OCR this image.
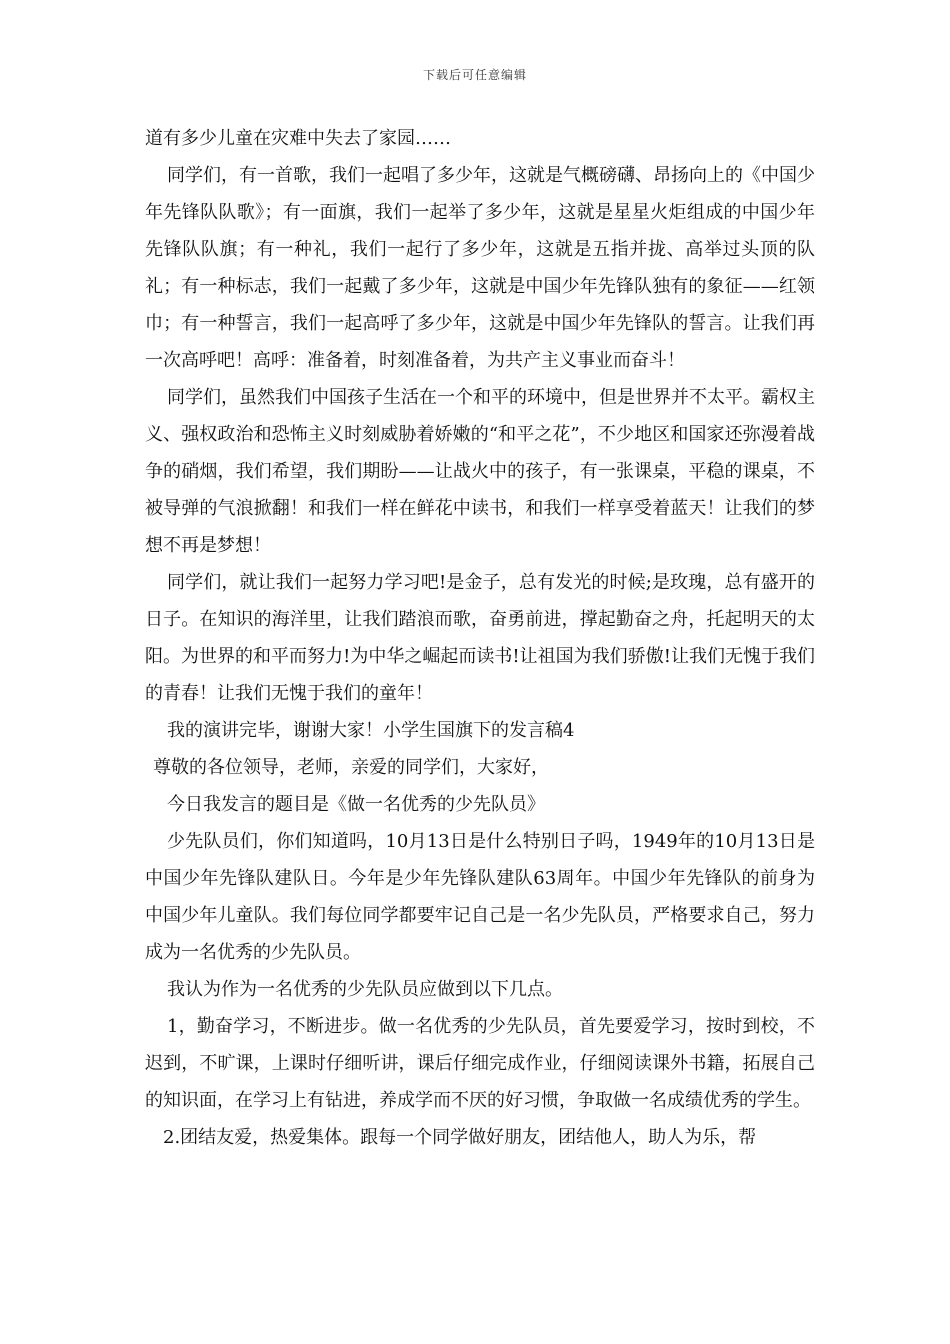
下载后可任意编辑

道有多少儿童在灾难中失去了家园……

同学们，有一首歌，我们一起唱了多少年，这就是气概磅礴、昂扬向上的《中国少年先锋队队歌》；有一面旗，我们一起举了多少年，这就是星星火炬组成的中国少年先锋队队旗；有一种礼，我们一起行了多少年，这就是五指并拢、高举过头顶的队礼；有一种标志，我们一起戴了多少年，这就是中国少年先锋队独有的象征——红领巾；有一种誓言，我们一起高呼了多少年，这就是中国少年先锋队的誓言。让我们再一次高呼吧！高呼：准备着，时刻准备着，为共产主义事业而奋斗！

同学们，虽然我们中国孩子生活在一个和平的环境中，但是世界并不太平。霸权主义、强权政治和恐怖主义时刻威胁着娇嫩的“和平之花”，不少地区和国家还弥漫着战争的硝烟，我们希望，我们期盼——让战火中的孩子，有一张课桌，平稳的课桌，不被导弹的气浪掀翻！和我们一样在鲜花中读书，和我们一样享受着蓝天！让我们的梦想不再是梦想！

同学们，就让我们一起努力学习吧!是金子，总有发光的时候;是玫瑰，总有盛开的日子。在知识的海洋里，让我们踏浪而歌，奋勇前进，撑起勤奋之舟，托起明天的太阳。为世界的和平而努力!为中华之崛起而读书!让祖国为我们骄傲!让我们无愧于我们的青春！让我们无愧于我们的童年！

我的演讲完毕，谢谢大家！小学生国旗下的发言稿4

尊敬的各位领导，老师，亲爱的同学们，大家好，

今日我发言的题目是《做一名优秀的少先队员》

少先队员们，你们知道吗，10月13日是什么特别日子吗，1949年的10月13日是中国少年先锋队建队日。今年是少年先锋队建队63周年。中国少年先锋队的前身为中国少年儿童队。我们每位同学都要牢记自己是一名少先队员，严格要求自己，努力成为一名优秀的少先队员。

我认为作为一名优秀的少先队员应做到以下几点。

1，勤奋学习，不断进步。做一名优秀的少先队员，首先要爱学习，按时到校，不迟到，不旷课，上课时仔细听讲，课后仔细完成作业，仔细阅读课外书籍，拓展自己的知识面，在学习上有钻进，养成学而不厌的好习惯，争取做一名成绩优秀的学生。

2.团结友爱，热爱集体。跟每一个同学做好朋友，团结他人，助人为乐，帮
